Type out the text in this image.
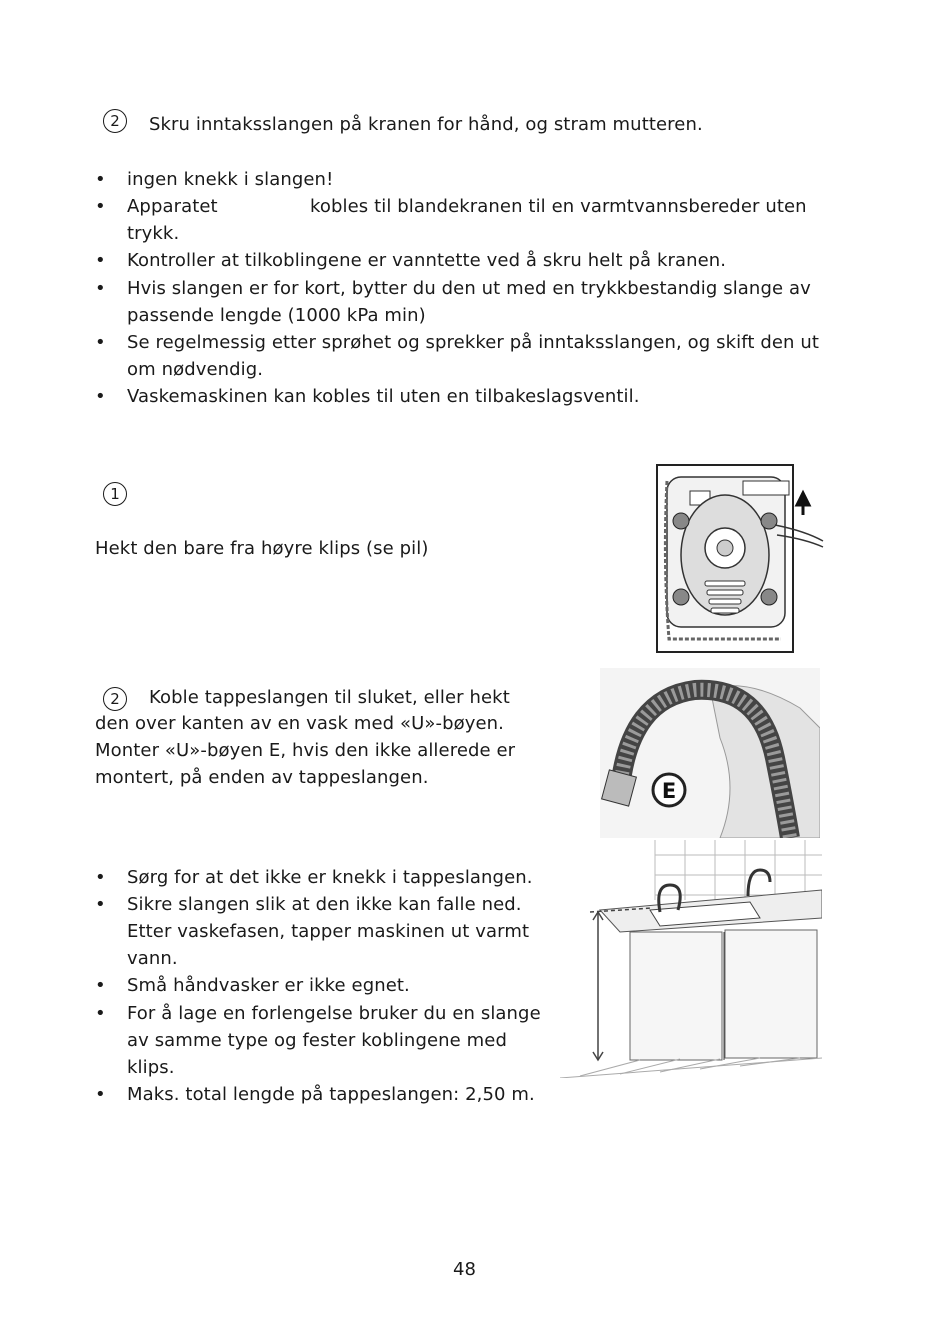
2	Skru inntaksslangen på kranen for hånd, og stram mutteren.
• ingen knekk i slangen!
• Apparatet	kobles til blandekranen til en varmtvannsbereder uten
trykk.
• Kontroller at tilkoblingene er vanntette ved å skru helt på kranen.
• Hvis slangen er for kort, bytter du den ut med en trykkbestandig slange av
passende lengde (1000 kPa min)
• Se regelmessig etter sprøhet og sprekker på inntaksslangen, og skift den ut
om nødvendig.
• Vaskemaskinen kan kobles til uten en tilbakeslagsventil.
1
Hekt den bare fra høyre klips (se pil)
2	Koble tappeslangen til sluket, eller hekt
den over kanten av en vask med «U»-bøyen.
Monter «U»-bøyen E, hvis den ikke allerede er
montert, på enden av tappeslangen.
E
• Sørg for at det ikke er knekk i tappeslangen.
• Sikre slangen slik at den ikke kan falle ned.
Etter vaskefasen, tapper maskinen ut varmt
vann.
• Små håndvasker er ikke egnet.
• For å lage en forlengelse bruker du en slange
av samme type og fester koblingene med
klips.
• Maks. total lengde på tappeslangen: 2,50 m.
48
